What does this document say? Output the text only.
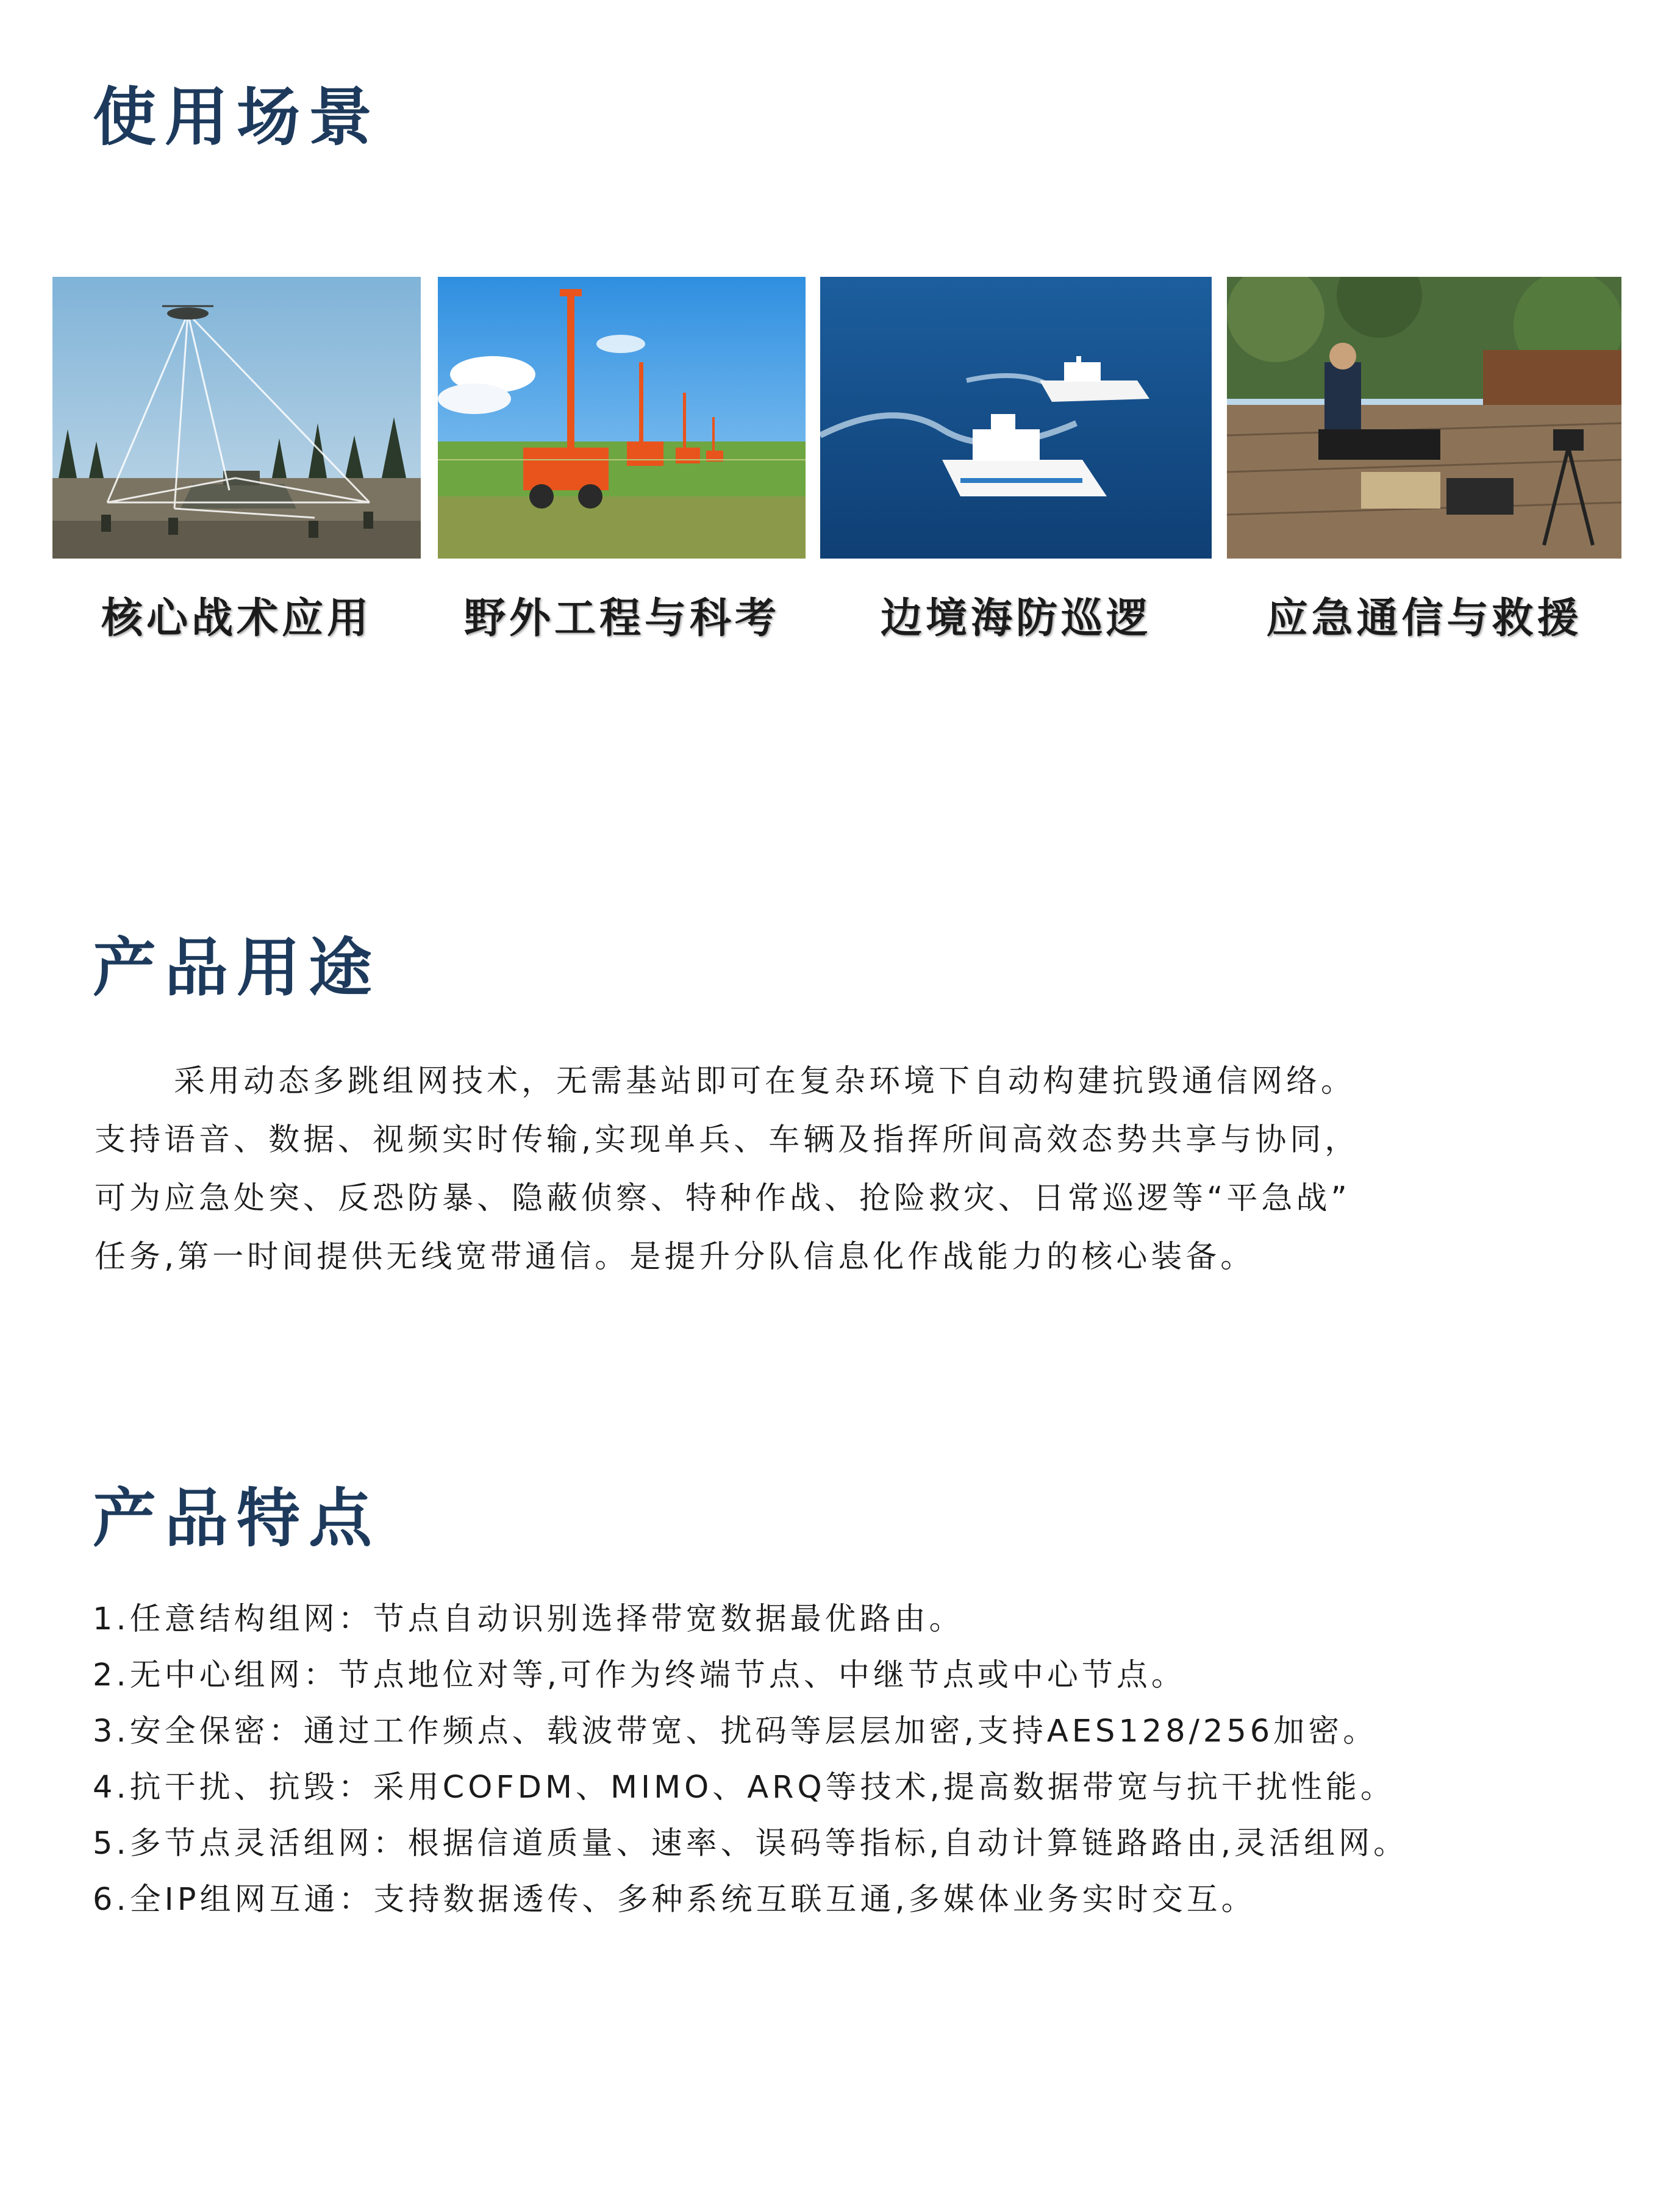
使用场景
核心战术应用	野外工程与科考	边境海防巡逻	应急通信与救援
产品用途

采用动态多跳组网技术，无需基站即可在复杂环境下自动构建抗毁通信网络。
支持语音、数据、视频实时传输,实现单兵、车辆及指挥所间高效态势共享与协同，
可为应急处突、反恐防暴、隐蔽侦察、特种作战、抢险救灾、日常巡逻等“平急战”
任务,第一时间提供无线宽带通信。是提升分队信息化作战能力的核心装备。

产品特点
1.任意结构组网：节点自动识别选择带宽数据最优路由。
2.无中心组网：节点地位对等,可作为终端节点、中继节点或中心节点。
3.安全保密：通过工作频点、载波带宽、扰码等层层加密,支持AES128/256加密。
4.抗干扰、抗毁：采用COFDM、MIMO、ARQ等技术,提高数据带宽与抗干扰性能。
5.多节点灵活组网：根据信道质量、速率、误码等指标,自动计算链路路由,灵活组网。
6.全IP组网互通：支持数据透传、多种系统互联互通,多媒体业务实时交互。
